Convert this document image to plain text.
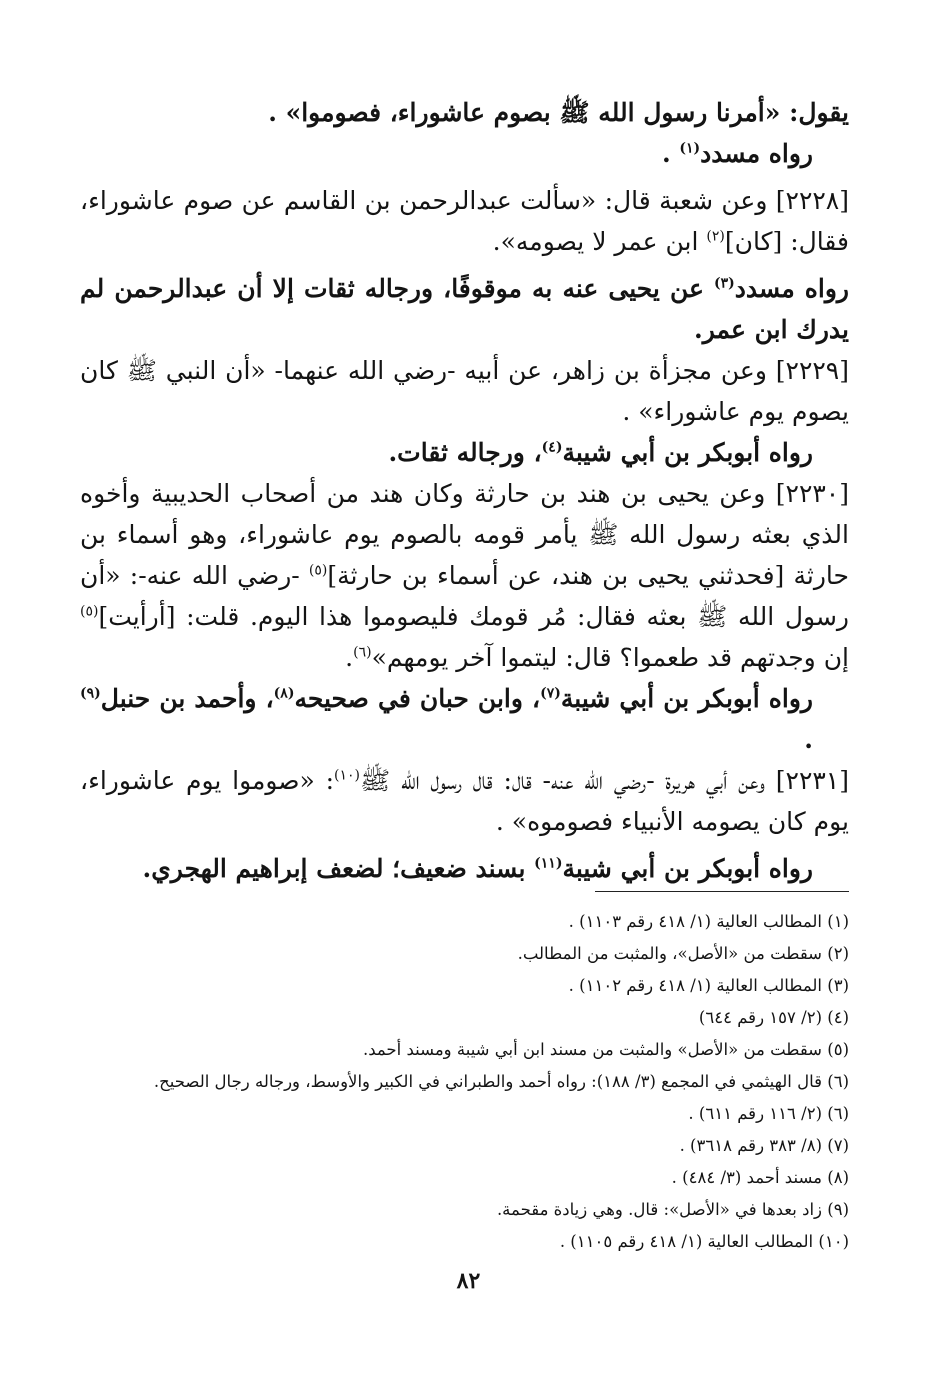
يقول: «أمرنا رسول الله ﷺ بصوم عاشوراء، فصوموا» .

رواه مسدد$^{(١)}$ .

[٢٢٢٨] وعن شعبة قال: «سألت عبدالرحمن بن القاسم عن صوم عاشوراء، فقال: [كان]$^{(٢)}$ ابن عمر لا يصومه».

رواه مسدد$^{(٣)}$ عن يحيى عنه به موقوفًا، ورجاله ثقات إلا أن عبدالرحمن لم يدرك ابن عمر.

[٢٢٢٩] وعن مجزأة بن زاهر، عن أبيه -رضي الله عنهما- «أن النبي ﷺ كان يصوم يوم عاشوراء» .

رواه أبوبكر بن أبي شيبة$^{(٤)}$، ورجاله ثقات.

[٢٢٣٠] وعن يحيى بن هند بن حارثة وكان هند من أصحاب الحديبية وأخوه الذي بعثه رسول الله ﷺ يأمر قومه بالصوم يوم عاشوراء، وهو أسماء بن حارثة [فحدثني يحيى بن هند، عن أسماء بن حارثة]$^{(٥)}$ -رضي الله عنه-: «أن رسول الله ﷺ بعثه فقال: مُر قومك فليصوموا هذا اليوم. قلت: [أرأيت]$^{(٥)}$ إن وجدتهم قد طعموا؟ قال: ليتموا آخر يومهم»$^{(٦)}$.

رواه أبوبكر بن أبي شيبة$^{(٧)}$، وابن حبان في صحيحه$^{(٨)}$، وأحمد بن حنبل$^{(٩)}$ .

[٢٢٣١] وعن أبي هريرة -رضي الله عنه- قال: قال رسول الله ﷺ$^{(١٠)}$: «صوموا يوم عاشوراء، يوم كان يصومه الأنبياء فصوموه» .

رواه أبوبكر بن أبي شيبة$^{(١١)}$ بسند ضعيف؛ لضعف إبراهيم الهجري.

(١) المطالب العالية (١/ ٤١٨ رقم ١١٠٣) .

(٢) سقطت من «الأصل»، والمثبت من المطالب.

(٣) المطالب العالية (١/ ٤١٨ رقم ١١٠٢) .

(٤) (٢/ ١٥٧ رقم ٦٤٤)

(٥) سقطت من «الأصل» والمثبت من مسند ابن أبي شيبة ومسند أحمد.

(٦) قال الهيثمي في المجمع (٣/ ١٨٨): رواه أحمد والطبراني في الكبير والأوسط، ورجاله رجال الصحيح.

(٦) (٢/ ١١٦ رقم ٦١١) .

(٧) (٨/ ٣٨٣ رقم ٣٦١٨) .

(٨) مسند أحمد (٣/ ٤٨٤) .

(٩) زاد بعدها في «الأصل»: قال. وهي زيادة مقحمة.

(١٠) المطالب العالية (١/ ٤١٨ رقم ١١٠٥) .

٨٢
